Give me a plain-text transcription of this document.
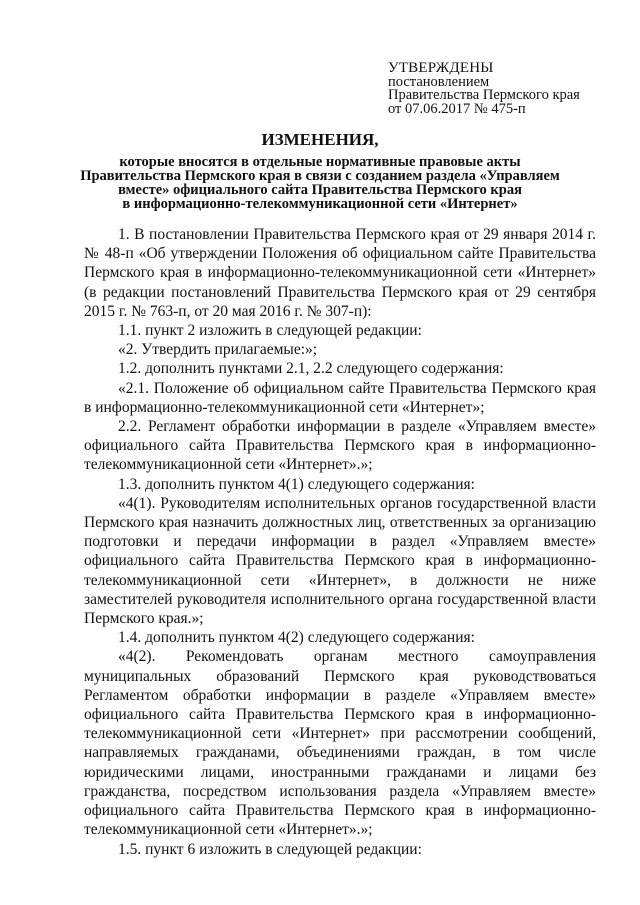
УТВЕРЖДЕНЫ
постановлением
Правительства Пермского края
от 07.06.2017 № 475-п
ИЗМЕНЕНИЯ,
которые вносятся в отдельные нормативные правовые акты
Правительства Пермского края в связи с созданием раздела «Управляем
вместе» официального сайта Правительства Пермского края
в информационно-телекоммуникационной сети «Интернет»

1. В постановлении Правительства Пермского края от 29 января 2014 г. № 48-п «Об утверждении Положения об официальном сайте Правительства Пермского края в информационно-телекоммуникационной сети «Интернет» (в редакции постановлений Правительства Пермского края от 29 сентября 2015 г. № 763-п, от 20 мая 2016 г. № 307-п):

1.1. пункт 2 изложить в следующей редакции:

«2. Утвердить прилагаемые:»;

1.2. дополнить пунктами 2.1, 2.2 следующего содержания:

«2.1. Положение об официальном сайте Правительства Пермского края в информационно-телекоммуникационной сети «Интернет»;

2.2. Регламент обработки информации в разделе «Управляем вместе» официального сайта Правительства Пермского края в информационно-телекоммуникационной сети «Интернет».»;

1.3. дополнить пунктом 4(1) следующего содержания:

«4(1). Руководителям исполнительных органов государственной власти Пермского края назначить должностных лиц, ответственных за организацию подготовки и передачи информации в раздел «Управляем вместе» официального сайта Правительства Пермского края в информационно-телекоммуникационной сети «Интернет», в должности не ниже заместителей руководителя исполнительного органа государственной власти Пермского края.»;

1.4. дополнить пунктом 4(2) следующего содержания:

«4(2). Рекомендовать органам местного самоуправления муниципальных образований Пермского края руководствоваться Регламентом обработки информации в разделе «Управляем вместе» официального сайта Правительства Пермского края в информационно-телекоммуникационной сети «Интернет» при рассмотрении сообщений, направляемых гражданами, объединениями граждан, в том числе юридическими лицами, иностранными гражданами и лицами без гражданства, посредством использования раздела «Управляем вместе» официального сайта Правительства Пермского края в информационно-телекоммуникационной сети «Интернет».»;

1.5. пункт 6 изложить в следующей редакции:
